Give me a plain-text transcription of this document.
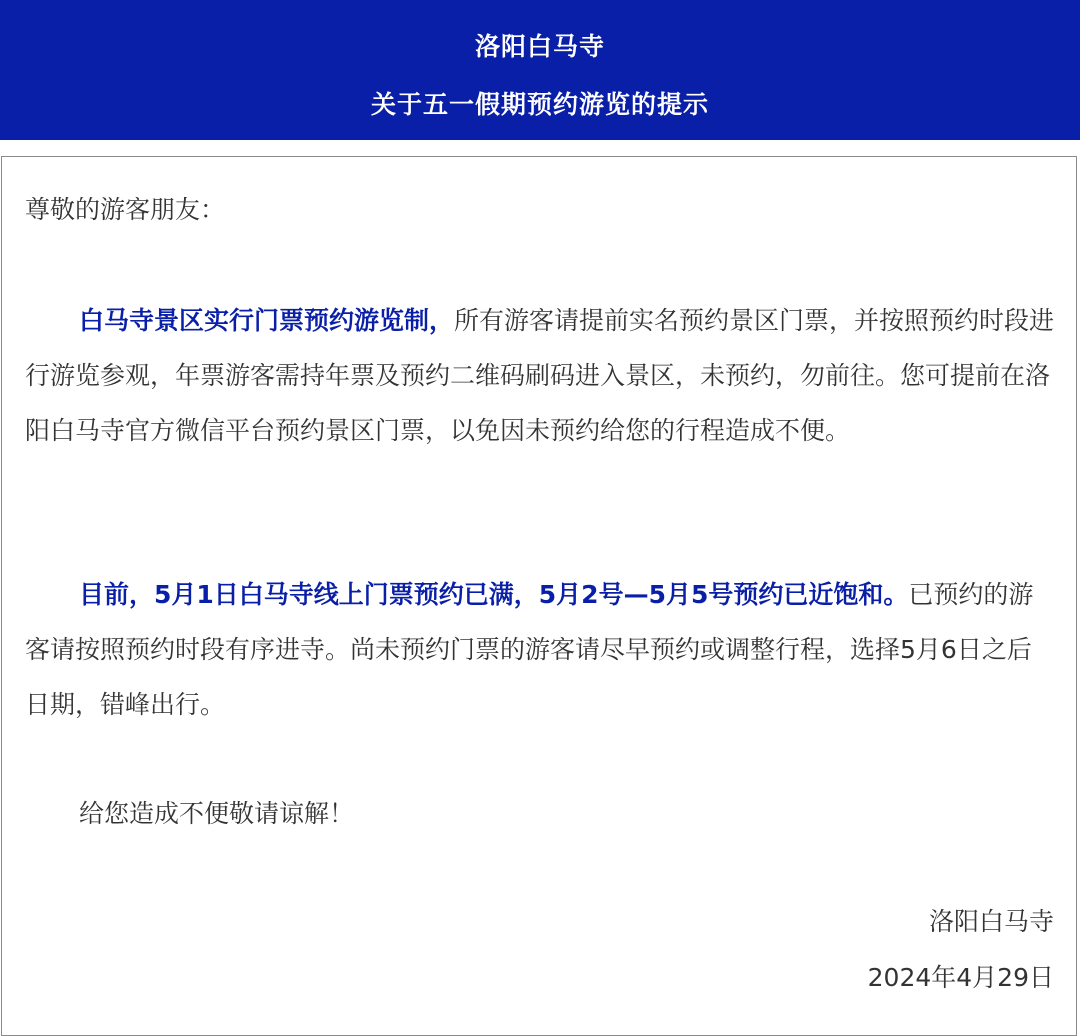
洛阳白马寺
关于五一假期预约游览的提示

尊敬的游客朋友：

白马寺景区实行门票预约游览制，所有游客请提前实名预约景区门票，并按照预约时段进行游览参观，年票游客需持年票及预约二维码刷码进入景区，未预约，勿前往。您可提前在洛阳白马寺官方微信平台预约景区门票，以免因未预约给您的行程造成不便。

目前，5月1日白马寺线上门票预约已满，5月2号—5月5号预约已近饱和。已预约的游客请按照预约时段有序进寺。尚未预约门票的游客请尽早预约或调整行程，选择5月6日之后日期，错峰出行。

给您造成不便敬请谅解！

洛阳白马寺
2024年4月29日
